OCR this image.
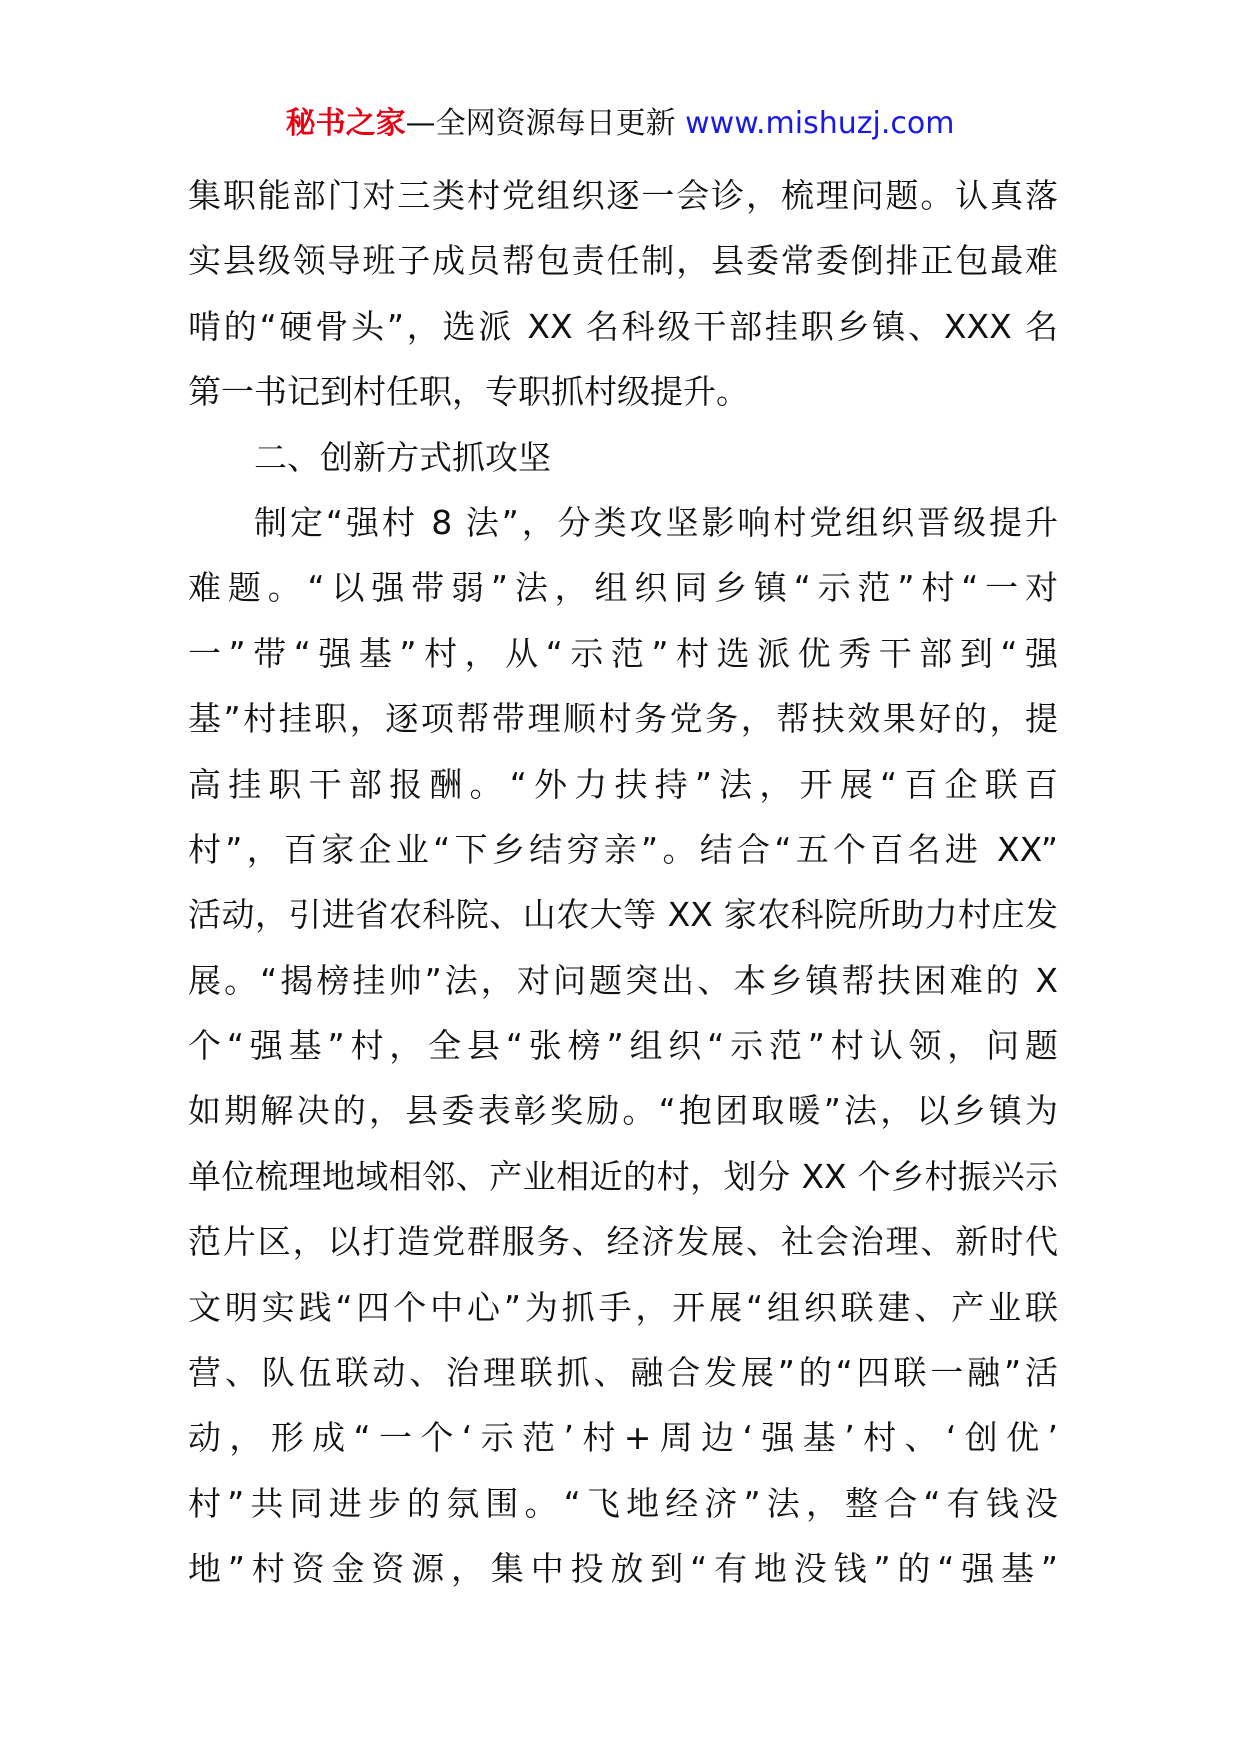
秘书之家—全网资源每日更新 www.mishuzj.com
集职能部门对三类村党组织逐一会诊，梳理问题。认真落
实县级领导班子成员帮包责任制，县委常委倒排正包最难
啃的“硬骨头”，选派 XX 名科级干部挂职乡镇、XXX 名
第一书记到村任职，专职抓村级提升。
二、创新方式抓攻坚
制定“强村 8 法”，分类攻坚影响村党组织晋级提升
难题。“以强带弱”法，组织同乡镇“示范”村“一对
一”带“强基”村，从“示范”村选派优秀干部到“强
基”村挂职，逐项帮带理顺村务党务，帮扶效果好的，提
高挂职干部报酬。“外力扶持”法，开展“百企联百
村”，百家企业“下乡结穷亲”。结合“五个百名进 XX”
活动，引进省农科院、山农大等 XX 家农科院所助力村庄发
展。“揭榜挂帅”法，对问题突出、本乡镇帮扶困难的 X
个“强基”村，全县“张榜”组织“示范”村认领，问题
如期解决的，县委表彰奖励。“抱团取暖”法，以乡镇为
单位梳理地域相邻、产业相近的村，划分 XX 个乡村振兴示
范片区，以打造党群服务、经济发展、社会治理、新时代
文明实践“四个中心”为抓手，开展“组织联建、产业联
营、队伍联动、治理联抓、融合发展”的“四联一融”活
动，形成“一个‘示范’村+周边‘强基’村、‘创优’
村”共同进步的氛围。“飞地经济”法，整合“有钱没
地”村资金资源，集中投放到“有地没钱”的“强基”
